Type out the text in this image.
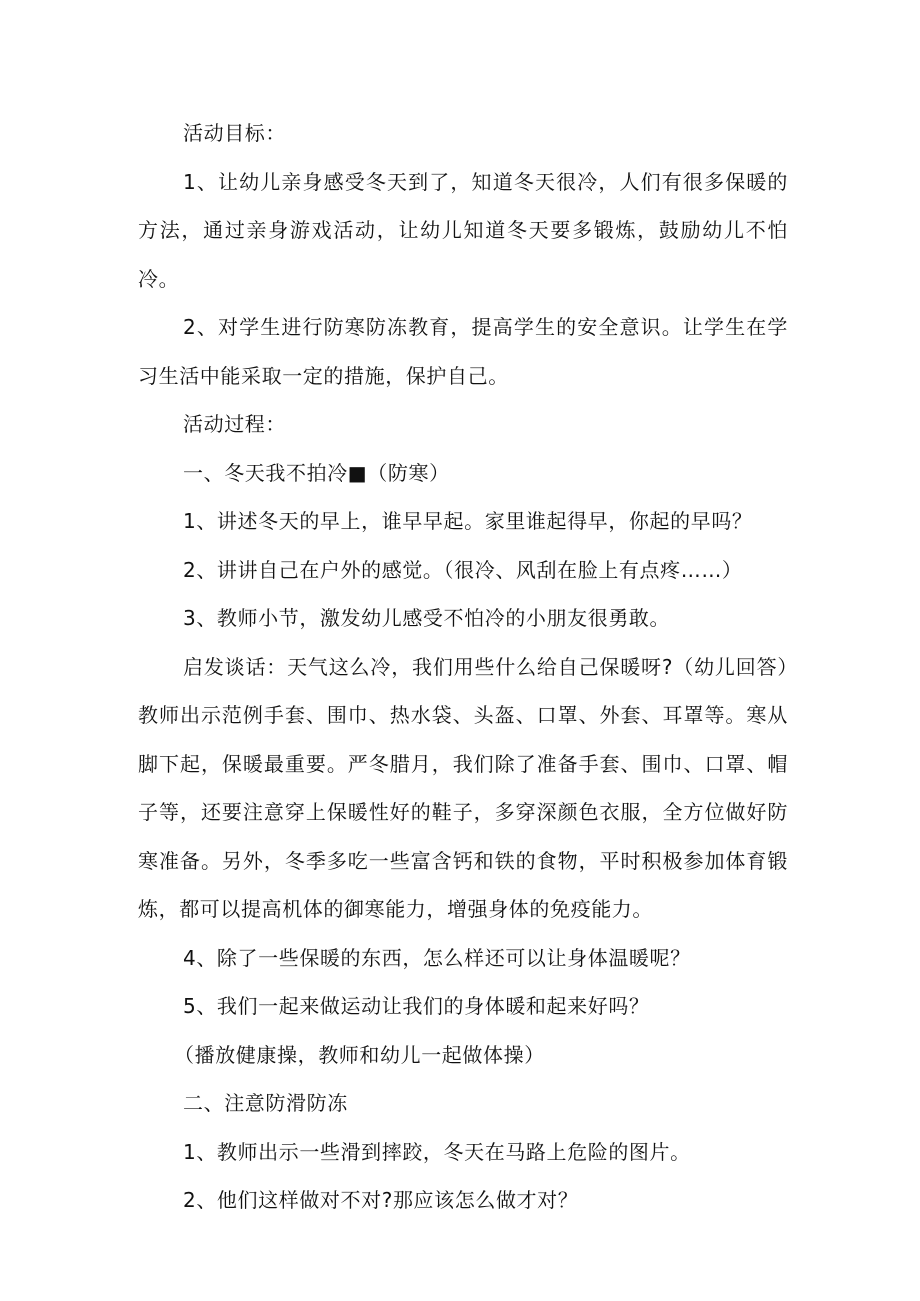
活动目标：

1、让幼儿亲身感受冬天到了，知道冬天很冷，人们有很多保暖的方法，通过亲身游戏活动，让幼儿知道冬天要多锻炼，鼓励幼儿不怕冷。

2、对学生进行防寒防冻教育，提高学生的安全意识。让学生在学习生活中能采取一定的措施，保护自己。

活动过程：

一、冬天我不拍冷■（防寒）

1、讲述冬天的早上，谁早早起。家里谁起得早，你起的早吗？

2、讲讲自己在户外的感觉。（很冷、风刮在脸上有点疼……）

3、教师小节，激发幼儿感受不怕冷的小朋友很勇敢。

启发谈话：天气这么冷，我们用些什么给自己保暖呀?（幼儿回答）教师出示范例手套、围巾、热水袋、头盔、口罩、外套、耳罩等。寒从脚下起，保暖最重要。严冬腊月，我们除了准备手套、围巾、口罩、帽子等，还要注意穿上保暖性好的鞋子，多穿深颜色衣服，全方位做好防寒准备。另外，冬季多吃一些富含钙和铁的食物，平时积极参加体育锻炼，都可以提高机体的御寒能力，增强身体的免疫能力。

4、除了一些保暖的东西，怎么样还可以让身体温暖呢？

5、我们一起来做运动让我们的身体暖和起来好吗？

（播放健康操，教师和幼儿一起做体操）

二、注意防滑防冻

1、教师出示一些滑到摔跤，冬天在马路上危险的图片。

2、他们这样做对不对?那应该怎么做才对？
